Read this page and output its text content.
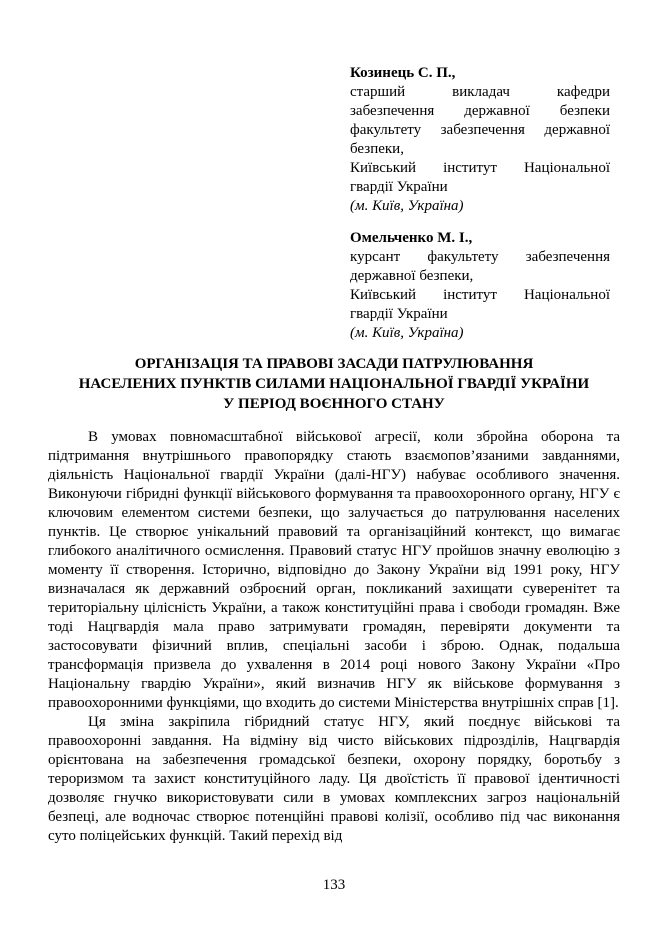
Козинець С. П.,

старший викладач кафедри забезпечення державної безпеки факультету забезпечення державної безпеки,

Київський інститут Національної гвардії України

(м. Київ, Україна)

Омельченко М. І.,

курсант факультету забезпечення державної безпеки,

Київський інститут Національної гвардії України

(м. Київ, Україна)

ОРГАНІЗАЦІЯ ТА ПРАВОВІ ЗАСАДИ ПАТРУЛЮВАННЯ
НАСЕЛЕНИХ ПУНКТІВ СИЛАМИ НАЦІОНАЛЬНОЇ ГВАРДІЇ УКРАЇНИ
У ПЕРІОД ВОЄННОГО СТАНУ

В умовах повномасштабної військової агресії, коли збройна оборона та підтримання внутрішнього правопорядку стають взаємопов’язаними завданнями, діяльність Національної гвардії України (далі-НГУ) набуває особливого значення. Виконуючи гібридні функції військового формування та правоохоронного органу, НГУ є ключовим елементом системи безпеки, що залучається до патрулювання населених пунктів. Це створює унікальний правовий та організаційний контекст, що вимагає глибокого аналітичного осмислення. Правовий статус НГУ пройшов значну еволюцію з моменту її створення. Історично, відповідно до Закону України від 1991 року, НГУ визначалася як державний озброєний орган, покликаний захищати суверенітет та територіальну цілісність України, а також конституційні права і свободи громадян. Вже тоді Нацгвардія мала право затримувати громадян, перевіряти документи та застосовувати фізичний вплив, спеціальні засоби і зброю. Однак, подальша трансформація призвела до ухвалення в 2014 році нового Закону України «Про Національну гвардію України», який визначив НГУ як військове формування з правоохоронними функціями, що входить до системи Міністерства внутрішніх справ [1].

Ця зміна закріпила гібридний статус НГУ, який поєднує військові та правоохоронні завдання. На відміну від чисто військових підрозділів, Нацгвардія орієнтована на забезпечення громадської безпеки, охорону порядку, боротьбу з тероризмом та захист конституційного ладу. Ця двоїстість її правової ідентичності дозволяє гнучко використовувати сили в умовах комплексних загроз національній безпеці, але водночас створює потенційні правові колізії, особливо під час виконання суто поліцейських функцій. Такий перехід від

133
